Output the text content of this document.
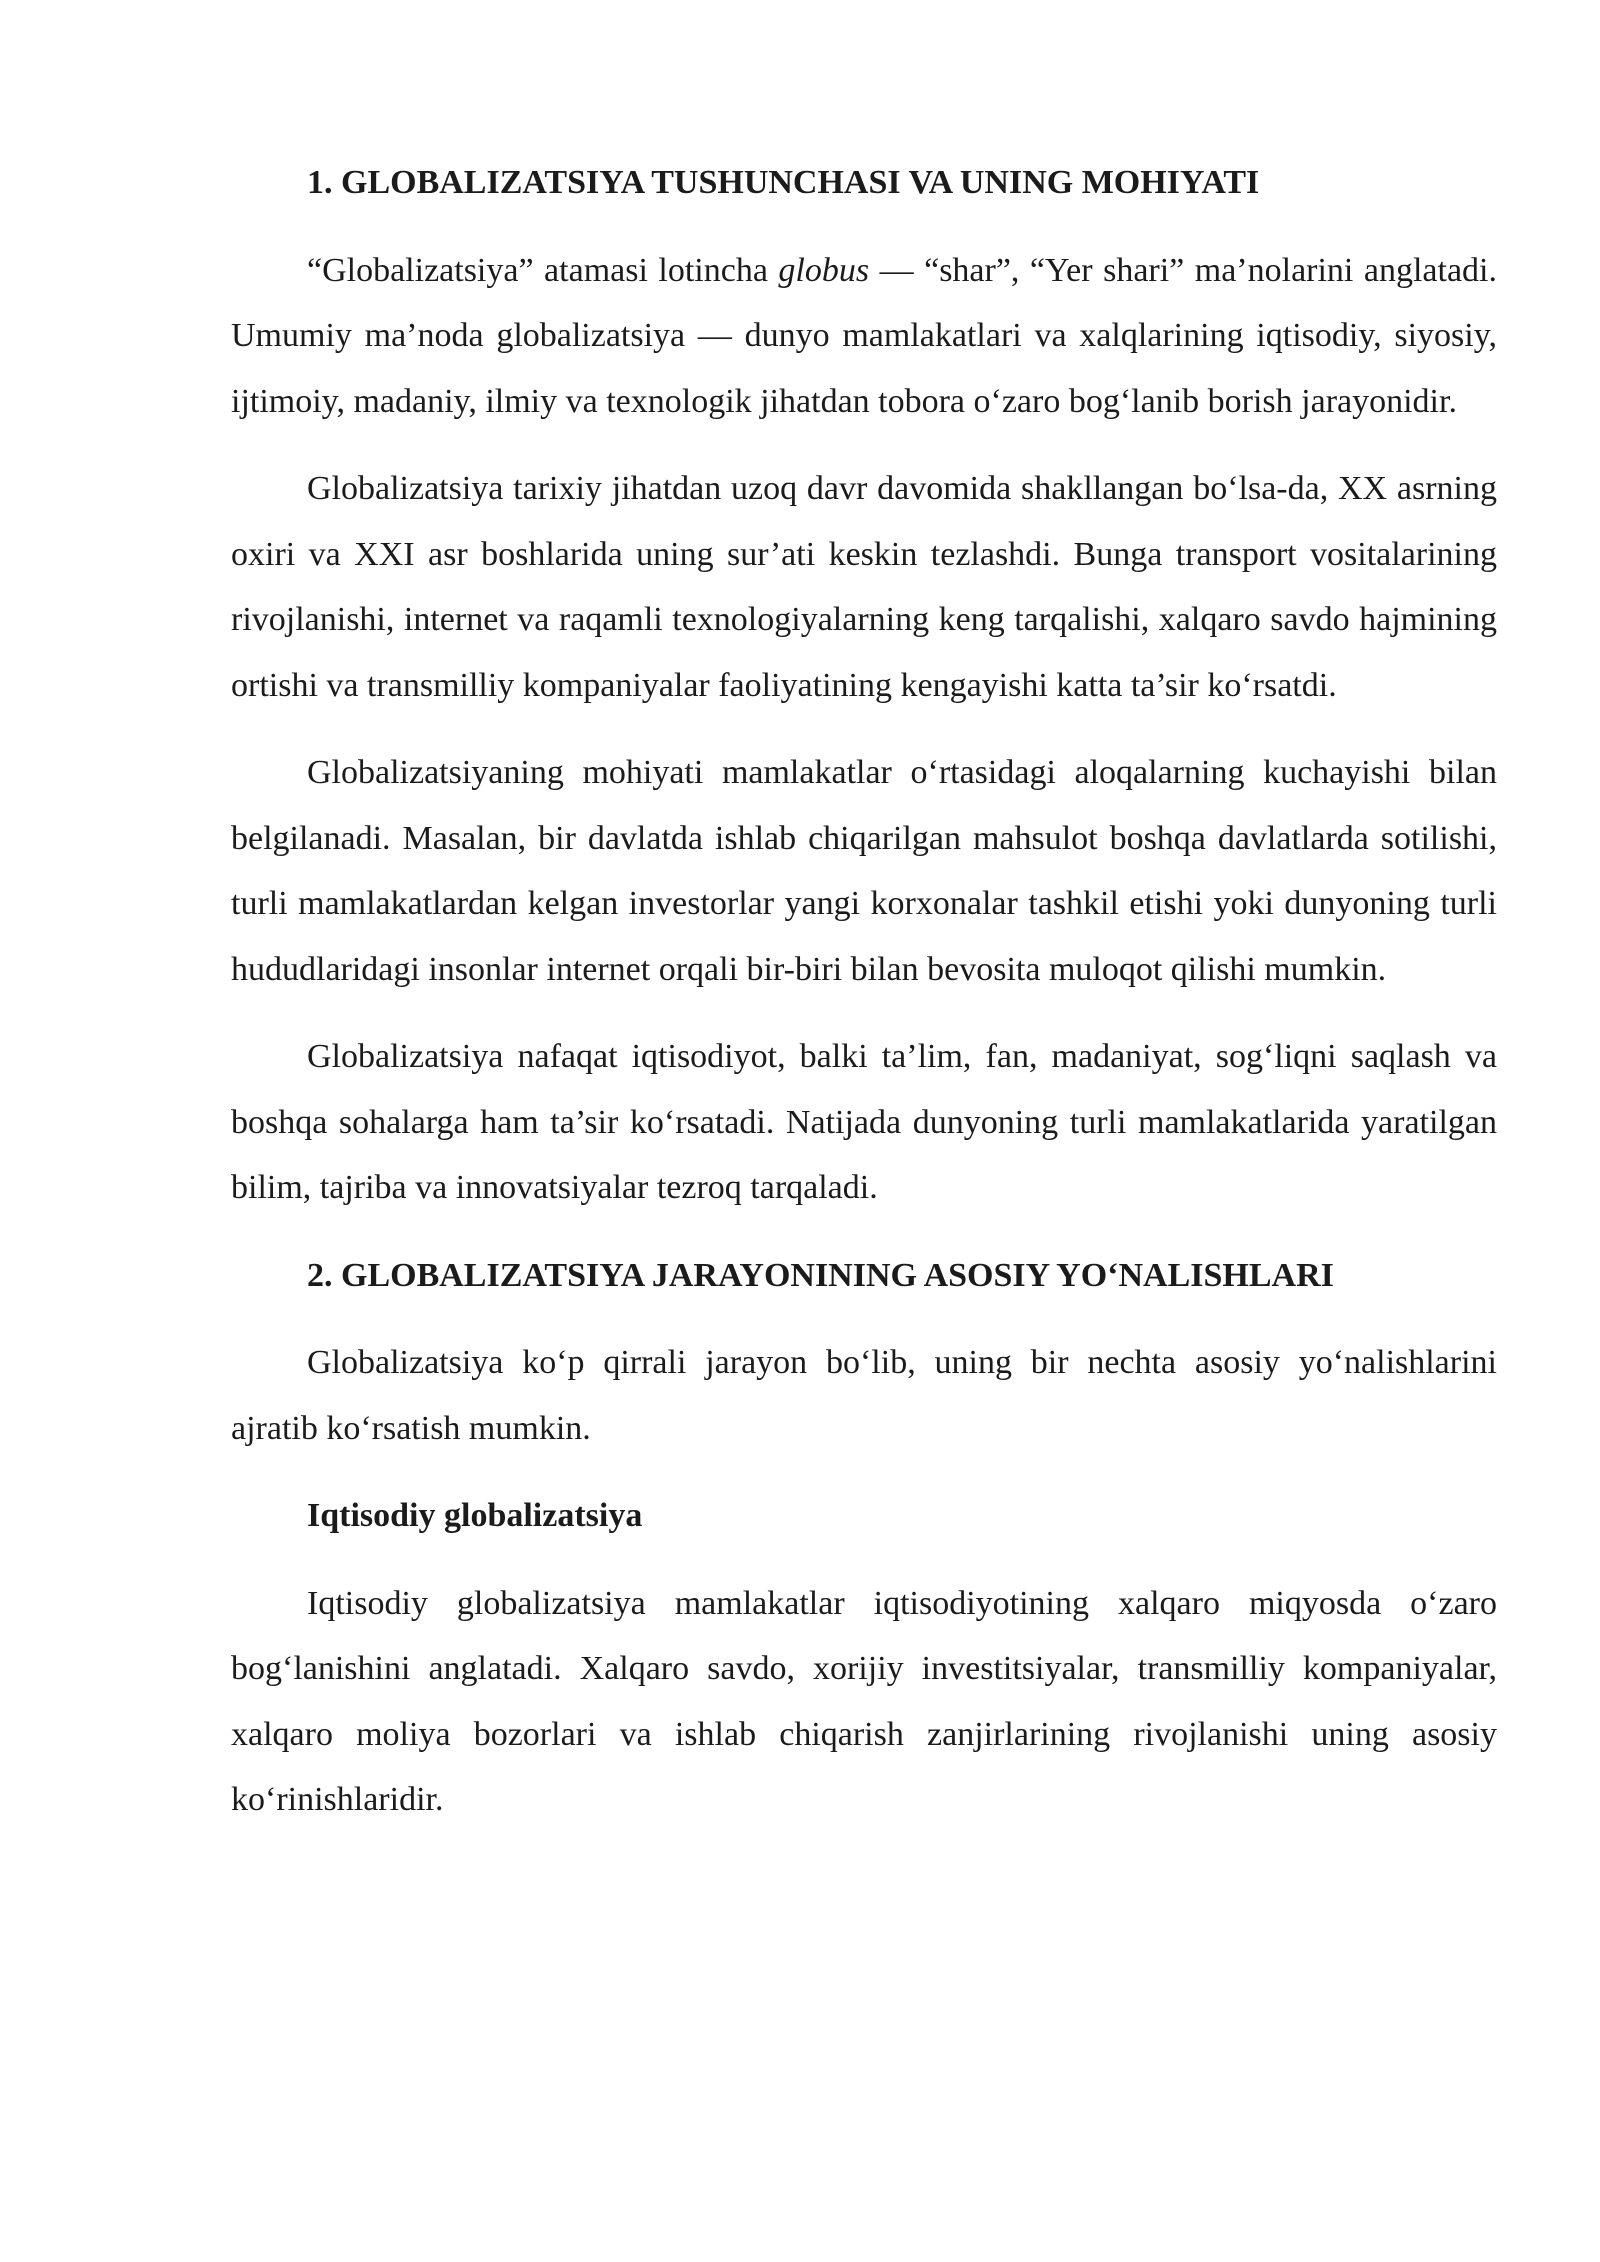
1. GLOBALIZATSIYA TUSHUNCHASI VA UNING MOHIYATI

“Globalizatsiya” atamasi lotincha globus — “shar”, “Yer shari” ma’nolarini anglatadi. Umumiy ma’noda globalizatsiya — dunyo mamlakatlari va xalqlarining iqtisodiy, siyosiy, ijtimoiy, madaniy, ilmiy va texnologik jihatdan tobora o‘zaro bog‘lanib borish jarayonidir.

Globalizatsiya tarixiy jihatdan uzoq davr davomida shakllangan bo‘lsa-da, XX asrning oxiri va XXI asr boshlarida uning sur’ati keskin tezlashdi. Bunga transport vositalarining rivojlanishi, internet va raqamli texnologiyalarning keng tarqalishi, xalqaro savdo hajmining ortishi va transmilliy kompaniyalar faoliyatining kengayishi katta ta’sir ko‘rsatdi.

Globalizatsiyaning mohiyati mamlakatlar o‘rtasidagi aloqalarning kuchayishi bilan belgilanadi. Masalan, bir davlatda ishlab chiqarilgan mahsulot boshqa davlatlarda sotilishi, turli mamlakatlardan kelgan investorlar yangi korxonalar tashkil etishi yoki dunyoning turli hududlaridagi insonlar internet orqali bir-biri bilan bevosita muloqot qilishi mumkin.

Globalizatsiya nafaqat iqtisodiyot, balki ta’lim, fan, madaniyat, sog‘liqni saqlash va boshqa sohalarga ham ta’sir ko‘rsatadi. Natijada dunyoning turli mamlakatlarida yaratilgan bilim, tajriba va innovatsiyalar tezroq tarqaladi.

2. GLOBALIZATSIYA JARAYONINING ASOSIY YO‘NALISHLARI

Globalizatsiya ko‘p qirrali jarayon bo‘lib, uning bir nechta asosiy yo‘nalishlarini ajratib ko‘rsatish mumkin.

Iqtisodiy globalizatsiya

Iqtisodiy globalizatsiya mamlakatlar iqtisodiyotining xalqaro miqyosda o‘zaro bog‘lanishini anglatadi. Xalqaro savdo, xorijiy investitsiyalar, transmilliy kompaniyalar, xalqaro moliya bozorlari va ishlab chiqarish zanjirlarining rivojlanishi uning asosiy ko‘rinishlaridir.
